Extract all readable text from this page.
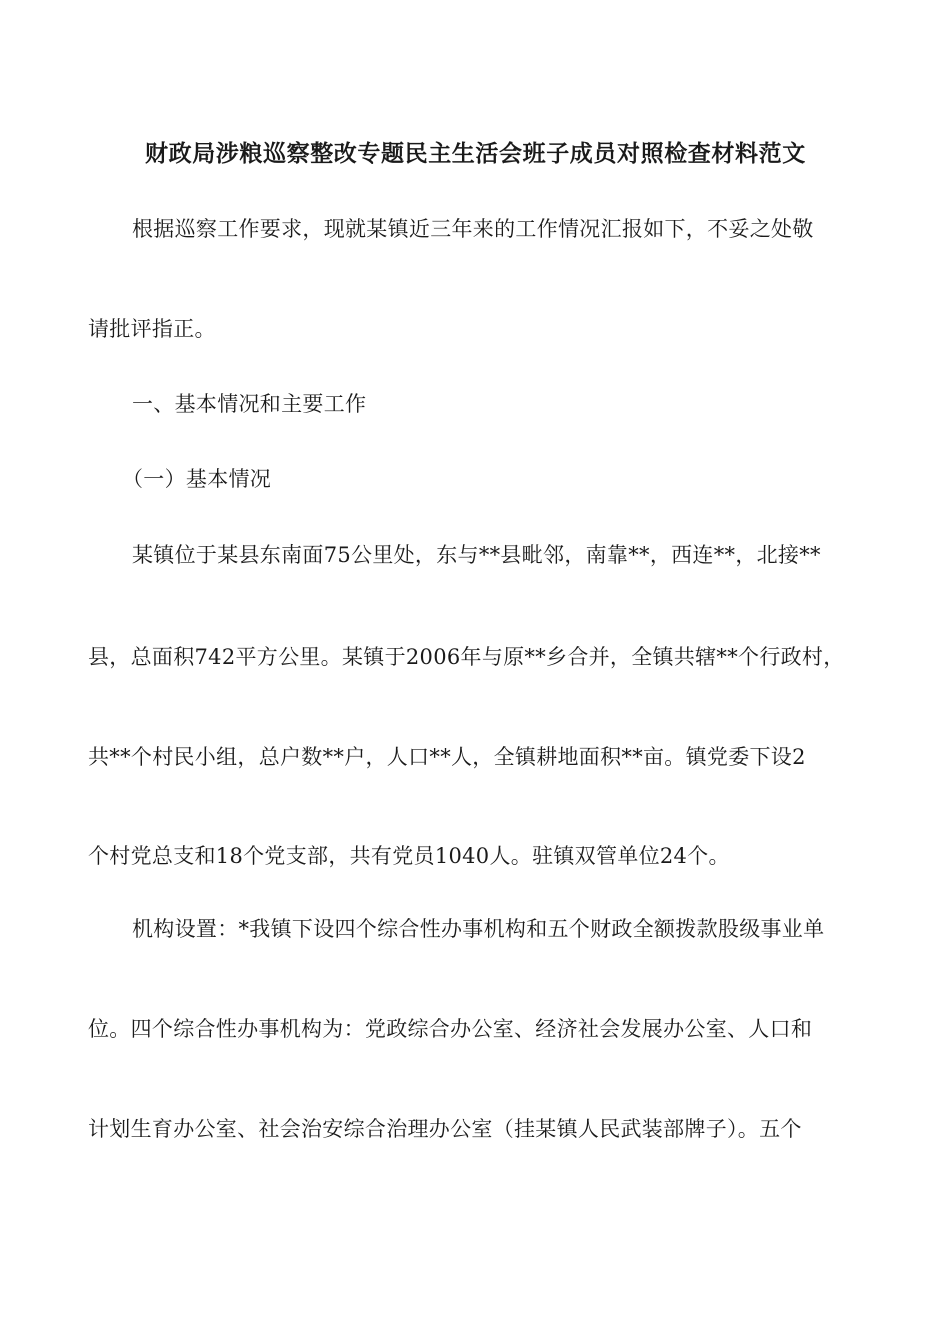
财政局涉粮巡察整改专题民主生活会班子成员对照检查材料范文
根据巡察工作要求，现就某镇近三年来的工作情况汇报如下，不妥之处敬
请批评指正。
一、基本情况和主要工作
（一）基本情况
某镇位于某县东南面75公里处，东与**县毗邻，南靠**，西连**，北接**
县，总面积742平方公里。某镇于2006年与原**乡合并，全镇共辖**个行政村，
共**个村民小组，总户数**户，人口**人，全镇耕地面积**亩。镇党委下设2
个村党总支和18个党支部，共有党员1040人。驻镇双管单位24个。
机构设置：*我镇下设四个综合性办事机构和五个财政全额拨款股级事业单
位。四个综合性办事机构为：党政综合办公室、经济社会发展办公室、人口和
计划生育办公室、社会治安综合治理办公室（挂某镇人民武装部牌子）。五个
